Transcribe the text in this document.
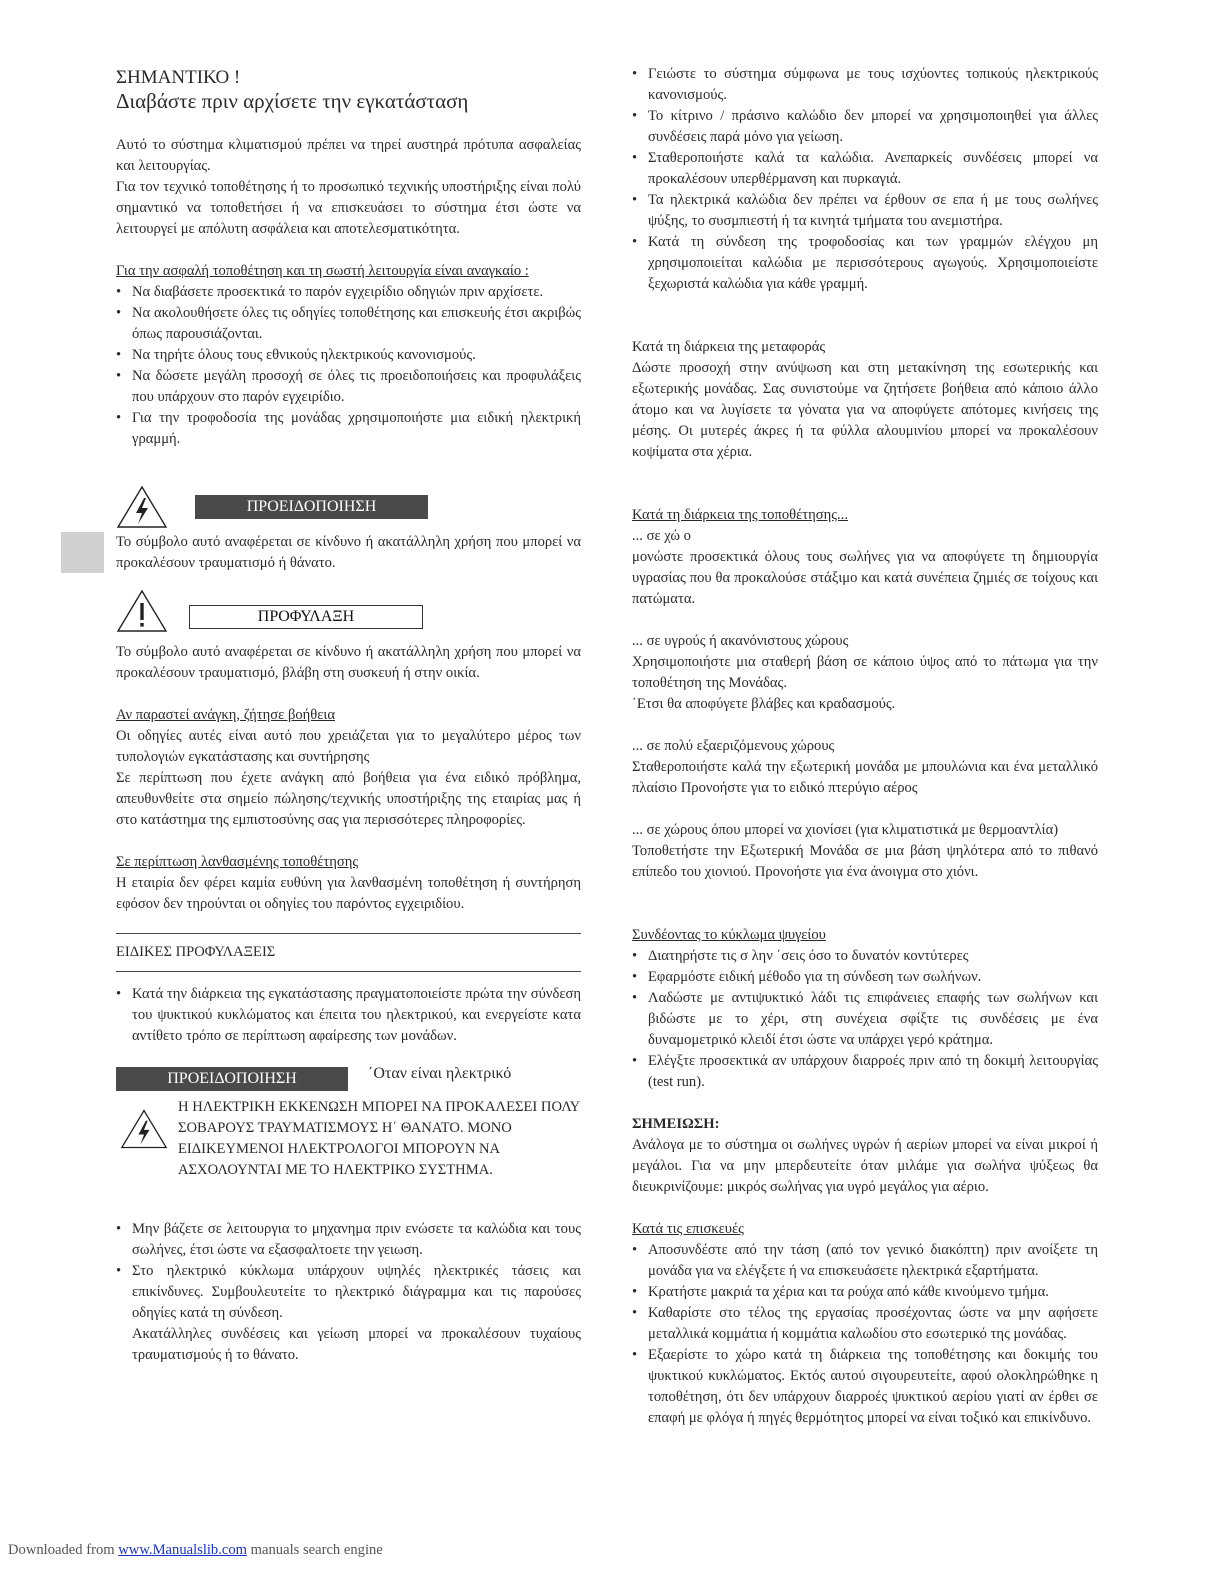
ΣΗΜΑΝΤΙΚΟ !

Διαβάστε πριν αρχίσετε την εγκατάσταση

Αυτό το σύστημα κλιματισμού πρέπει να τηρεί αυστηρά πρότυπα ασφαλείας και λειτουργίας.

Για τον τεχνικό τοποθέτησης ή το προσωπικό τεχνικής υποστήριξης είναι πολύ σημαντικό να τοποθετήσει ή να επισκευάσει το σύστημα έτσι ώστε να λειτουργεί με απόλυτη ασφάλεια και αποτελεσματικότητα.

Για την ασφαλή τοποθέτηση και τη σωστή λειτουργία είναι αναγκαίο :

• Να διαβάσετε προσεκτικά το παρόν εγχειρίδιο οδηγιών πριν αρχίσετε.
• Να ακολουθήσετε όλες τις οδηγίες τοποθέτησης και επισκευής έτσι ακριβώς όπως παρουσιάζονται.
• Να τηρήτε όλους τους εθνικούς ηλεκτρικούς κανονισμούς.
• Να δώσετε μεγάλη προσοχή σε όλες τις προειδοποιήσεις και προφυλάξεις που υπάρχουν στο παρόν εγχειρίδιο.
• Για την τροφοδοσία της μονάδας χρησιμοποιήστε μια ειδική ηλεκτρική γραμμή.
ΠΡΟΕΙΔΟΠΟΙΗΣΗ

Το σύμβολο αυτό αναφέρεται σε κίνδυνο ή ακατάλληλη χρήση που μπορεί να προκαλέσουν τραυματισμό ή θάνατο.

ΠΡΟΦΥΛΑΞΗ

Το σύμβολο αυτό αναφέρεται σε κίνδυνο ή ακατάλληλη χρήση που μπορεί να προκαλέσουν τραυματισμό, βλάβη στη συσκευή ή στην οικία.

Αν παραστεί ανάγκη, ζήτησε βοήθεια

Οι οδηγίες αυτές είναι αυτό που χρειάζεται για το μεγαλύτερο μέρος των τυπολογιών εγκατάστασης και συντήρησης

Σε περίπτωση που έχετε ανάγκη από βοήθεια για ένα ειδικό πρόβλημα, απευθυνθείτε στα σημείο πώλησης/τεχνικής υποστήριξης της εταιρίας μας ή στο κατάστημα της εμπιστοσύνης σας για περισσότερες πληροφορίες.

Σε περίπτωση λανθασμένης τοποθέτησης

Η εταιρία δεν φέρει καμία ευθύνη για λανθασμένη τοποθέτηση ή συντήρηση εφόσον δεν τηρούνται οι οδηγίες του παρόντος εγχειριδίου.

ΕΙΔΙΚΕΣ ΠΡΟΦΥΛΑΞΕΙΣ

• Κατά την διάρκεια της εγκατάστασης πραγματοποιείστε πρώτα την σύνδεση του ψυκτικού κυκλώματος και έπειτα του ηλεκτρικού, και ενεργείστε κατα αντίθετο τρόπο σε περίπτωση αφαίρεσης των μονάδων.
ΠΡΟΕΙΔΟΠΟΙΗΣΗ	΄Οταν είναι ηλεκτρικό

Η ΗΛΕΚΤΡΙΚΗ ΕΚΚΕΝΩΣΗ ΜΠΟΡΕΙ ΝΑ ΠΡΟΚΑΛΕΣΕΙ ΠΟΛΥ ΣΟΒΑΡΟΥΣ ΤΡΑΥΜΑΤΙΣΜΟΥΣ Η΄ ΘΑΝΑΤΟ. ΜΟΝΟ ΕΙΔΙΚΕΥΜΕΝΟΙ ΗΛΕΚΤΡΟΛΟΓΟΙ ΜΠΟΡΟΥΝ ΝΑ ΑΣΧΟΛΟΥΝΤΑΙ ΜΕ ΤΟ ΗΛΕΚΤΡΙΚΟ ΣΥΣΤΗΜΑ.

• Μην βάζετε σε λειτουργια το μηχανημα πριν ενώσετε τα καλώδια και τους σωλήνες, έτσι ώστε να εξασφαλτοετε την γειωση.
• Στο ηλεκτρικό κύκλωμα υπάρχουν υψηλές ηλεκτρικές τάσεις και επικίνδυνες. Συμβουλευτείτε το ηλεκτρικό διάγραμμα και τις παρούσες οδηγίες κατά τη σύνδεση.

Ακατάλληλες συνδέσεις και γείωση μπορεί να προκαλέσουν τυχαίους τραυματισμούς ή το θάνατο.

• Γειώστε το σύστημα σύμφωνα με τους ισχύοντες τοπικούς ηλεκτρικούς κανονισμούς.
• Το κίτρινο / πράσινο καλώδιο δεν μπορεί να χρησιμοποιηθεί για άλλες συνδέσεις παρά μόνο για γείωση.
• Σταθεροποιήστε καλά τα καλώδια. Ανεπαρκείς συνδέσεις μπορεί να προκαλέσουν υπερθέρμανση και πυρκαγιά.
• Τα ηλεκτρικά καλώδια δεν πρέπει να έρθουν σε επα ή με τους σωλήνες ψύξης, το συσμπιεστή ή τα κινητά τμήματα του ανεμιστήρα.
• Κατά τη σύνδεση της τροφοδοσίας και των γραμμών ελέγχου μη χρησιμοποιείται καλώδια με περισσότερους αγωγούς. Χρησιμοποιείστε ξεχωριστά καλώδια για κάθε γραμμή.

Κατά τη διάρκεια της μεταφοράς

Δώστε προσοχή στην ανύψωση και στη μετακίνηση της εσωτερικής και εξωτερικής μονάδας. Σας συνιστούμε να ζητήσετε βοήθεια από κάποιο άλλο άτομο και να λυγίσετε τα γόνατα για να αποφύγετε απότομες κινήσεις της μέσης. Οι μυτερές άκρες ή τα φύλλα αλουμινίου μπορεί να προκαλέσουν κοψίματα στα χέρια.

Κατά τη διάρκεια της τοποθέτησης...

... σε χώ ο

μονώστε προσεκτικά όλους τους σωλήνες για να αποφύγετε τη δημιουργία υγρασίας που θα προκαλούσε στάξιμο και κατά συνέπεια ζημιές σε τοίχους και πατώματα.

... σε υγρούς ή ακανόνιστους χώρους

Χρησιμοποιήστε μια σταθερή βάση σε κάποιο ύψος από το πάτωμα για την τοποθέτηση της Μονάδας.

΄Ετσι θα αποφύγετε βλάβες και κραδασμούς.

... σε πολύ εξαεριζόμενους χώρους

Σταθεροποιήστε καλά την εξωτερική μονάδα με μπουλώνια και ένα μεταλλικό πλαίσιο Προνοήστε για το ειδικό πτερύγιο αέρος

... σε χώρους όπου μπορεί να χιονίσει (για κλιματιστικά με θερμοαντλία)

Τοποθετήστε την Εξωτερική Μονάδα σε μια βάση ψηλότερα από το πιθανό επίπεδο του χιονιού. Προνοήστε για ένα άνοιγμα στο χιόνι.

Συνδέοντας το κύκλωμα ψυγείου

• Διατηρήστε τις σ λην ΄σεις όσο το δυνατόν κοντύτερες
• Εφαρμόστε ειδική μέθοδο για τη σύνδεση των σωλήνων.
• Λαδώστε με αντιψυκτικό λάδι τις επιφάνειες επαφής των σωλήνων και βιδώστε με το χέρι, στη συνέχεια σφίξτε τις συνδέσεις με ένα δυναμομετρικό κλειδί έτσι ώστε να υπάρχει γερό κράτημα.
• Ελέγξτε προσεκτικά αν υπάρχουν διαρροές πριν από τη δοκιμή λειτουργίας (test run).

ΣΗΜΕΙΩΣΗ:

Ανάλογα με το σύστημα οι σωλήνες υγρών ή αερίων μπορεί να είναι μικροί ή μεγάλοι. Για να μην μπερδευτείτε όταν μιλάμε για σωλήνα ψύξεως θα διευκρινίζουμε: μικρός σωλήνας για υγρό μεγάλος για αέριο.

Κατά τις επισκευές

• Αποσυνδέστε από την τάση (από τον γενικό διακόπτη) πριν ανοίξετε τη μονάδα για να ελέγξετε ή να επισκευάσετε ηλεκτρικά εξαρτήματα.
• Κρατήστε μακριά τα χέρια και τα ρούχα από κάθε κινούμενο τμήμα.
• Καθαρίστε στο τέλος της εργασίας προσέχοντας ώστε να μην αφήσετε μεταλλικά κομμάτια ή κομμάτια καλωδίου στο εσωτερικό της μονάδας.
• Εξαερίστε το χώρο κατά τη διάρκεια της τοποθέτησης και δοκιμής του ψυκτικού κυκλώματος. Εκτός αυτού σιγουρευτείτε, αφού ολοκληρώθηκε η τοποθέτηση, ότι δεν υπάρχουν διαρροές ψυκτικού αερίου γιατί αν έρθει σε επαφή με φλόγα ή πηγές θερμότητος μπορεί να είναι τοξικό και επικίνδυνο.
Downloaded from www.Manualslib.com manuals search engine
